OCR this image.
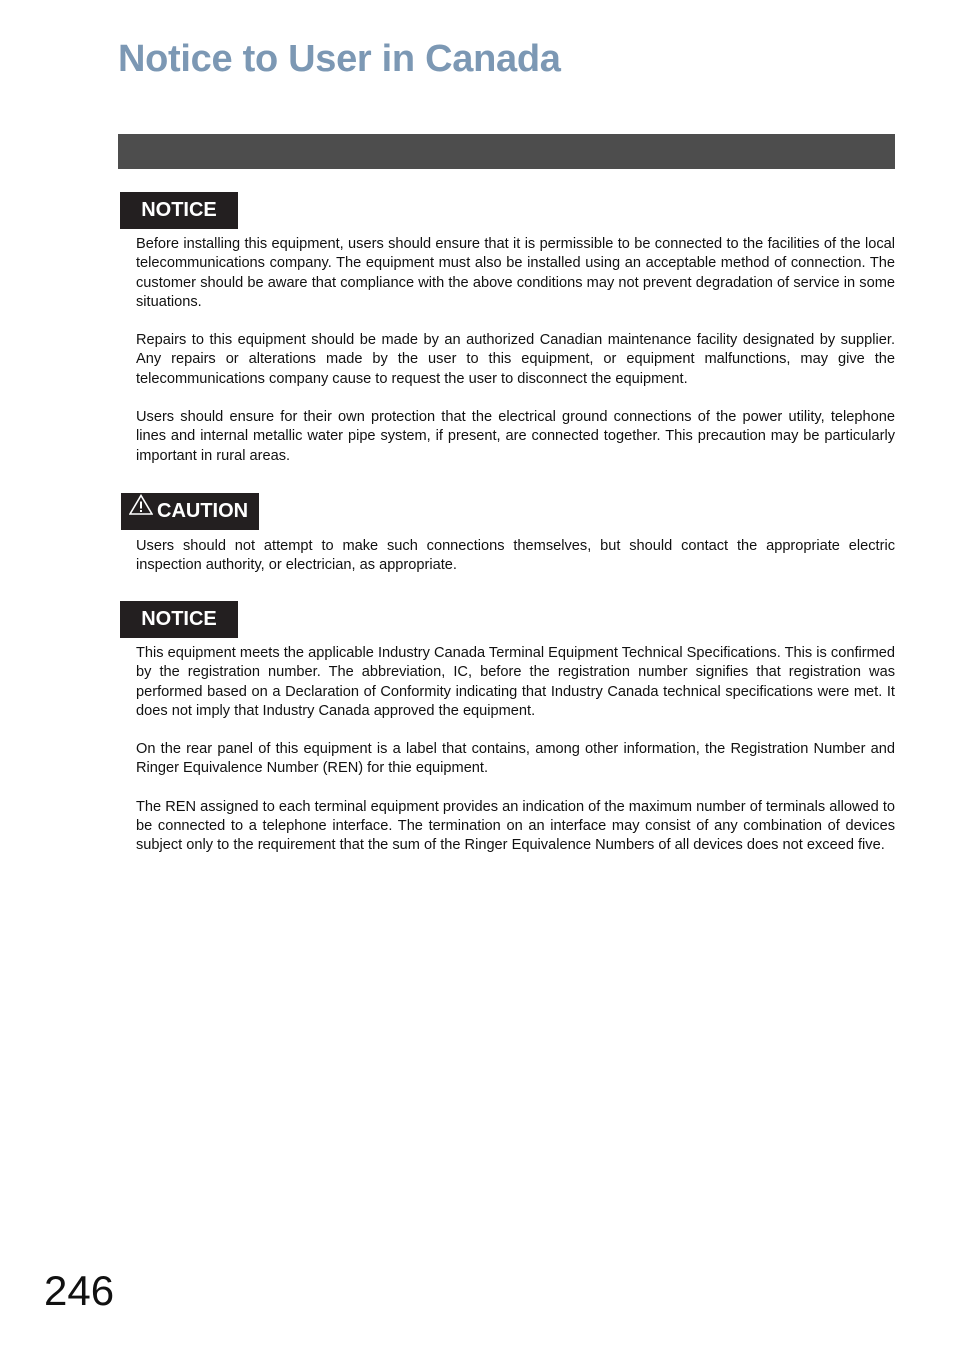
Notice to User in Canada
NOTICE

Before installing this equipment, users should ensure that it is permissible to be connected to the facilities of the local telecommunications company. The equipment must also be installed using an acceptable method of connection. The customer should be aware that compliance with the above conditions may not prevent degradation of service in some situations.

Repairs to this equipment should be made by an authorized Canadian maintenance facility designated by supplier. Any repairs or alterations made by the user to this equipment, or equipment malfunctions, may give the telecommunications company cause to request the user to disconnect the equipment.

Users should ensure for their own protection that the electrical ground connections of the power utility, telephone lines and internal metallic water pipe system, if present, are connected together. This precaution may be particularly important in rural areas.

CAUTION

Users should not attempt to make such connections themselves, but should contact the appropriate electric inspection authority, or electrician, as appropriate.

NOTICE

This equipment meets the applicable Industry Canada Terminal Equipment Technical Specifications. This is confirmed by the registration number. The abbreviation, IC, before the registration number signifies that registration was performed based on a Declaration of Conformity indicating that Industry Canada technical specifications were met. It does not imply that Industry Canada approved the equipment.

On the rear panel of this equipment is a label that contains, among other information, the Registration Number and Ringer Equivalence Number (REN) for thie equipment.

The REN assigned to each terminal equipment provides an indication of the maximum number of terminals allowed to be connected to a telephone interface. The termination on an interface may consist of any combination of devices subject only to the requirement that the sum of the Ringer Equivalence Numbers of all devices does not exceed five.

246
